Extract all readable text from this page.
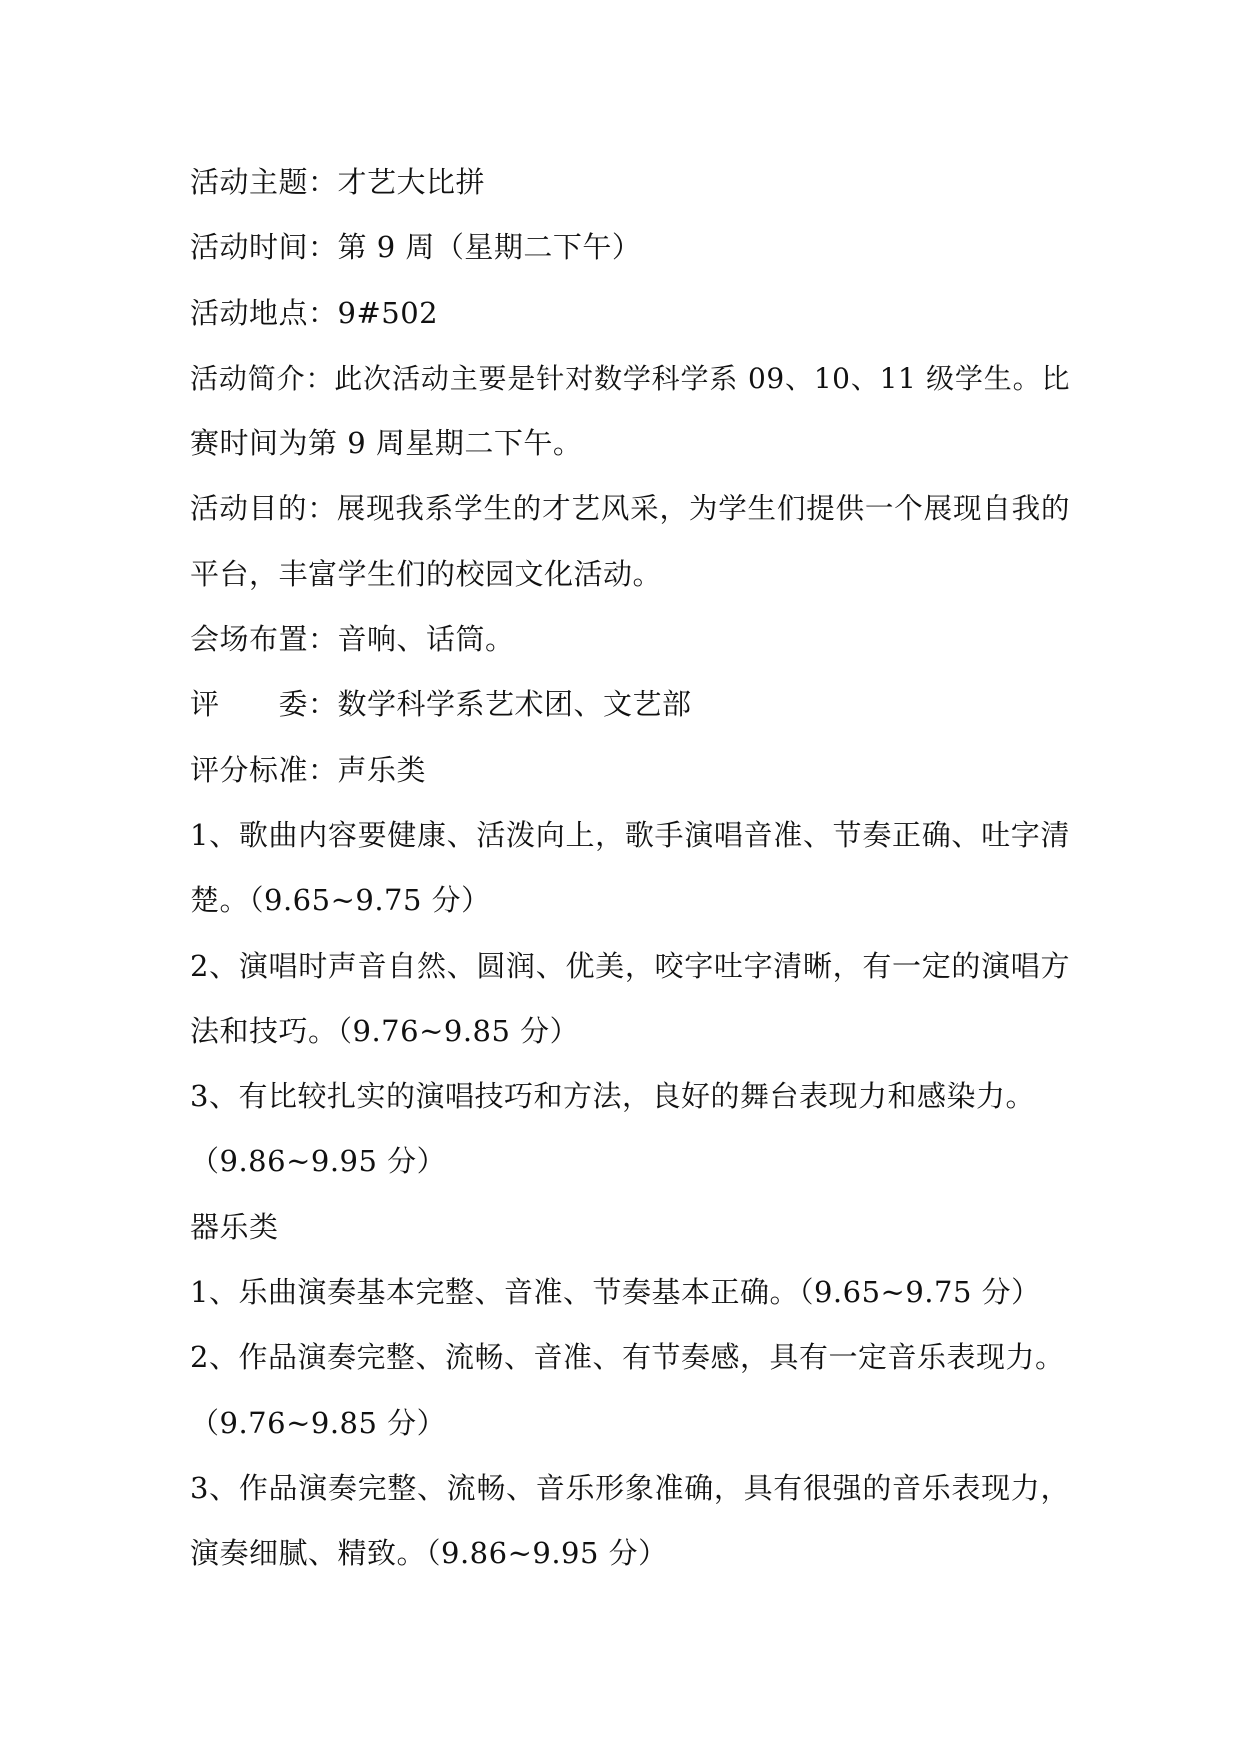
活动主题：才艺大比拼
活动时间：第 9 周（星期二下午）
活动地点：9#502
活动简介：此次活动主要是针对数学科学系 09、10、11 级学生。比
赛时间为第 9 周星期二下午。
活动目的：展现我系学生的才艺风采，为学生们提供一个展现自我的
平台，丰富学生们的校园文化活动。
会场布置：音响、话筒。
评　　委：数学科学系艺术团、文艺部
评分标准：声乐类
1、歌曲内容要健康、活泼向上，歌手演唱音准、节奏正确、吐字清
楚。（9.65~9.75 分）
2、演唱时声音自然、圆润、优美，咬字吐字清晰，有一定的演唱方
法和技巧。（9.76~9.85 分）
3、有比较扎实的演唱技巧和方法，良好的舞台表现力和感染力。
（9.86~9.95 分）
器乐类
1、乐曲演奏基本完整、音准、节奏基本正确。（9.65~9.75 分）
2、作品演奏完整、流畅、音准、有节奏感，具有一定音乐表现力。
（9.76~9.85 分）
3、作品演奏完整、流畅、音乐形象准确，具有很强的音乐表现力，
演奏细腻、精致。（9.86~9.95 分）
